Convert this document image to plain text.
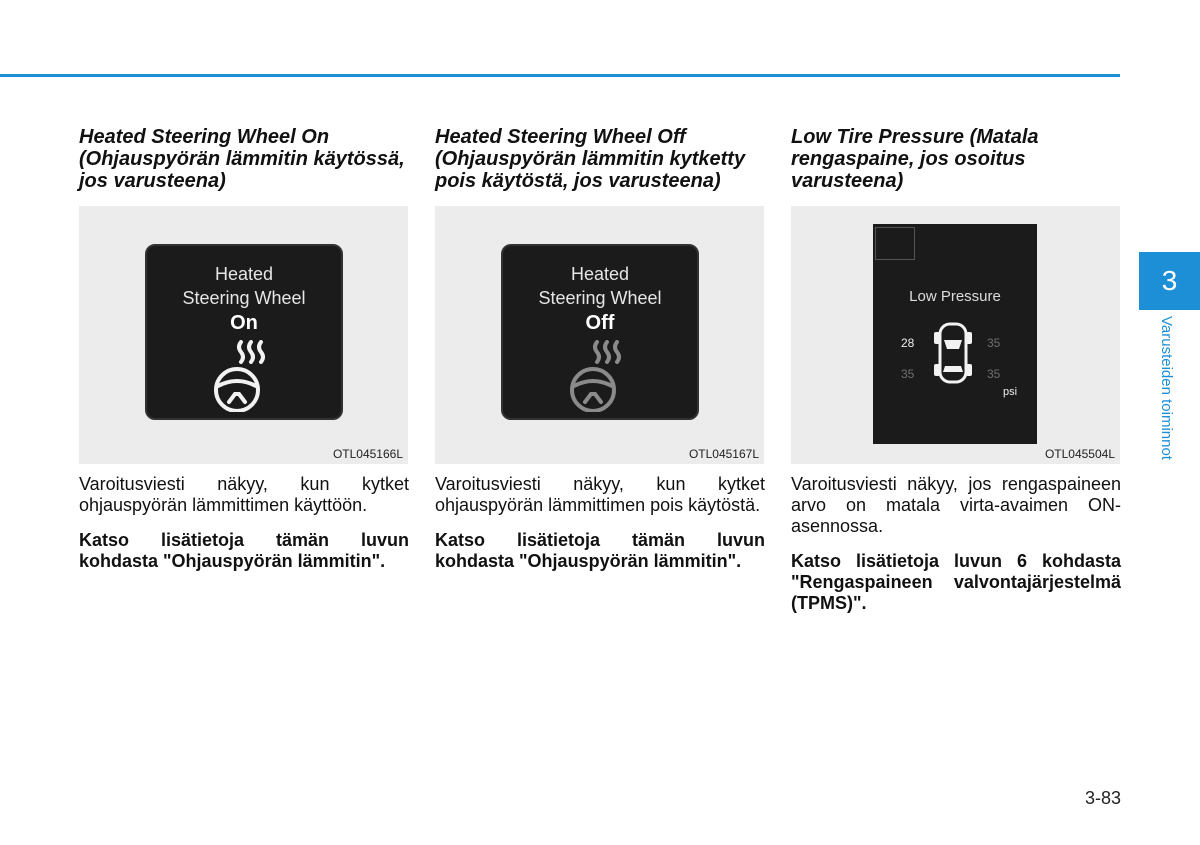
Heated Steering Wheel On (Ohjauspyörän lämmitin käytössä, jos varusteena)

Heated
Steering Wheel
On
OTL045166L

Varoitusviesti näkyy, kun kytket ohjauspyörän lämmittimen käyttöön.

Katso lisätietoja tämän luvun kohdasta "Ohjauspyörän lämmitin".

Heated Steering Wheel Off (Ohjauspyörän lämmitin kytketty pois käytöstä, jos varusteena)

Heated
Steering Wheel
Off
OTL045167L

Varoitusviesti näkyy, kun kytket ohjauspyörän lämmittimen pois käytöstä.

Katso lisätietoja tämän luvun kohdasta "Ohjauspyörän lämmitin".

Low Tire Pressure (Matala rengaspaine, jos osoitus varusteena)

Low Pressure
28	35
35	35
psi
OTL045504L

Varoitusviesti näkyy, jos rengaspaineen arvo on matala virta-avaimen ON-asennossa.

Katso lisätietoja luvun 6 kohdasta "Rengaspaineen valvontajärjestelmä (TPMS)".

3
Varusteiden toiminnot
3-83
